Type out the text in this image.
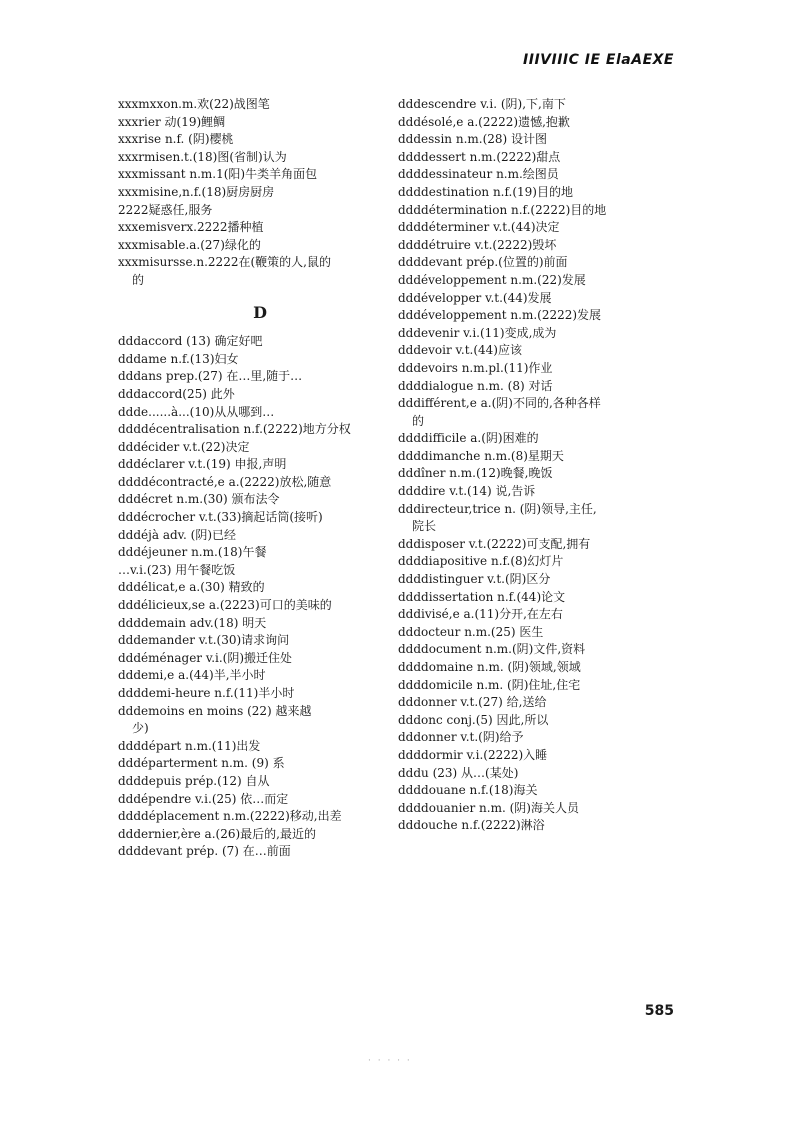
IIIVIIIC IE ElaAEXE
xxxmxxon.m.欢(22)战图笔
xxxrier 动(19)鲤鲷
xxxrise n.f. (阴)樱桃
xxxrmisen.t.(18)图(省制)认为
xxxmissant n.m.1(阳)牛类羊角面包
xxxmisine,n.f.(18)厨房厨房
2222疑惑任,服务
xxxemisverx.2222播种植
xxxmisable.a.(27)绿化的
xxxmisursse.n.2222在(鞭策的人,鼠的
的
D
dddaccord (13) 确定好吧
dddame n.f.(13)妇女
dddans prep.(27) 在…里,随于…
dddaccord(25) 此外
ddde......à...(10)从从哪到…
ddddécentralisation n.f.(2222)地方分权
dddécider v.t.(22)决定
dddéclarer v.t.(19) 申报,声明
ddddécontracté,e a.(2222)放松,随意
dddécret n.m.(30) 颁布法令
dddécrocher v.t.(33)摘起话筒(接听)
dddéjà adv. (阴)已经
dddéjeuner n.m.(18)午餐
…v.i.(23) 用午餐吃饭
dddélicat,e a.(30) 精致的
dddélicieux,se a.(2223)可口的美味的
ddddemain adv.(18) 明天
dddemander v.t.(30)请求询问
dddéménager v.i.(阴)搬迁住处
dddemi,e a.(44)半,半小时
ddddemi-heure n.f.(11)半小时
dddemoins en moins (22) 越来越
少)
ddddépart n.m.(11)出发
dddéparterment n.m. (9) 系
ddddepuis prép.(12) 自从
dddépendre v.i.(25) 依…而定
ddddéplacement n.m.(2222)移动,出差
dddernier,ère a.(26)最后的,最近的
ddddevant prép. (7) 在…前面
dddescendre v.i. (阴),下,南下
dddésolé,e a.(2222)遗憾,抱歉
dddessin n.m.(28) 设计图
ddddessert n.m.(2222)甜点
ddddessinateur n.m.绘图员
ddddestination n.f.(19)目的地
ddddétermination n.f.(2222)目的地
ddddéterminer v.t.(44)决定
ddddétruire v.t.(2222)毁坏
ddddevant prép.(位置的)前面
dddéveloppement n.m.(22)发展
dddévelopper v.t.(44)发展
dddéveloppement n.m.(2222)发展
dddevenir v.i.(11)变成,成为
dddevoir v.t.(44)应该
dddevoirs n.m.pl.(11)作业
ddddialogue n.m. (8) 对话
dddifférent,e a.(阴)不同的,各种各样
的
ddddifficile a.(阴)困难的
ddddimanche n.m.(8)星期天
dddîner n.m.(12)晚餐,晚饭
ddddire v.t.(14) 说,告诉
dddirecteur,trice n. (阴)领导,主任,
院长
dddisposer v.t.(2222)可支配,拥有
ddddiapositive n.f.(8)幻灯片
ddddistinguer v.t.(阴)区分
ddddissertation n.f.(44)论文
dddivisé,e a.(11)分开,在左右
dddocteur n.m.(25) 医生
ddddocument n.m.(阴)文件,资料
ddddomaine n.m. (阴)领域,领域
ddddomicile n.m. (阴)住址,住宅
dddonner v.t.(27) 给,送给
dddonc conj.(5) 因此,所以
dddonner v.t.(阴)给予
ddddormir v.i.(2222)入睡
dddu (23) 从…(某处)
ddddouane n.f.(18)海关
ddddouanier n.m. (阴)海关人员
dddouche n.f.(2222)淋浴
585
· · · · ·
